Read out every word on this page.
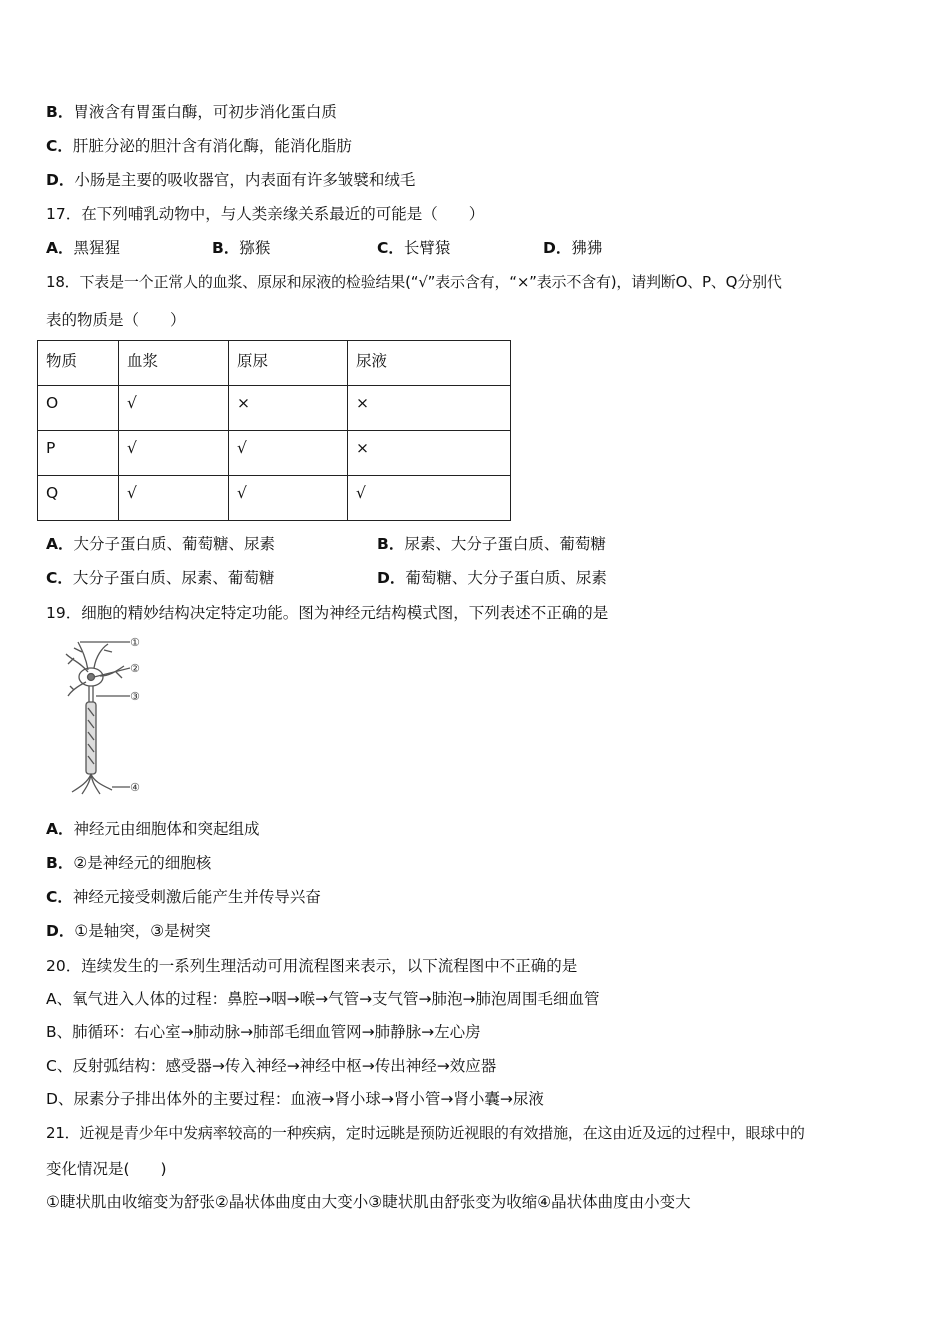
B．胃液含有胃蛋白酶，可初步消化蛋白质
C．肝脏分泌的胆汁含有消化酶，能消化脂肪
D．小肠是主要的吸收器官，内表面有许多皱襞和绒毛
17．在下列哺乳动物中，与人类亲缘关系最近的可能是（　　）
A．黑猩猩	B．猕猴	C．长臂猿	D．狒狒
18．下表是一个正常人的血浆、原尿和尿液的检验结果(“√”表示含有，“×”表示不含有)，请判断O、P、Q分别代
表的物质是（　　）
物质	血浆	原尿	尿液
O	√	×	×
P	√	√	×
Q	√	√	√
A．大分子蛋白质、葡萄糖、尿素	B．尿素、大分子蛋白质、葡萄糖
C．大分子蛋白质、尿素、葡萄糖	D．葡萄糖、大分子蛋白质、尿素
19．细胞的精妙结构决定特定功能。图为神经元结构模式图，下列表述不正确的是
①
②
③
④
A．神经元由细胞体和突起组成
B．②是神经元的细胞核
C．神经元接受刺激后能产生并传导兴奋
D．①是轴突，③是树突
20．连续发生的一系列生理活动可用流程图来表示，以下流程图中不正确的是
A、氧气进入人体的过程：鼻腔→咽→喉→气管→支气管→肺泡→肺泡周围毛细血管
B、肺循环：右心室→肺动脉→肺部毛细血管网→肺静脉→左心房
C、反射弧结构：感受器→传入神经→神经中枢→传出神经→效应器
D、尿素分子排出体外的主要过程：血液→肾小球→肾小管→肾小囊→尿液
21．近视是青少年中发病率较高的一种疾病，定时远眺是预防近视眼的有效措施，在这由近及远的过程中，眼球中的
变化情况是(　　)
①睫状肌由收缩变为舒张②晶状体曲度由大变小③睫状肌由舒张变为收缩④晶状体曲度由小变大
